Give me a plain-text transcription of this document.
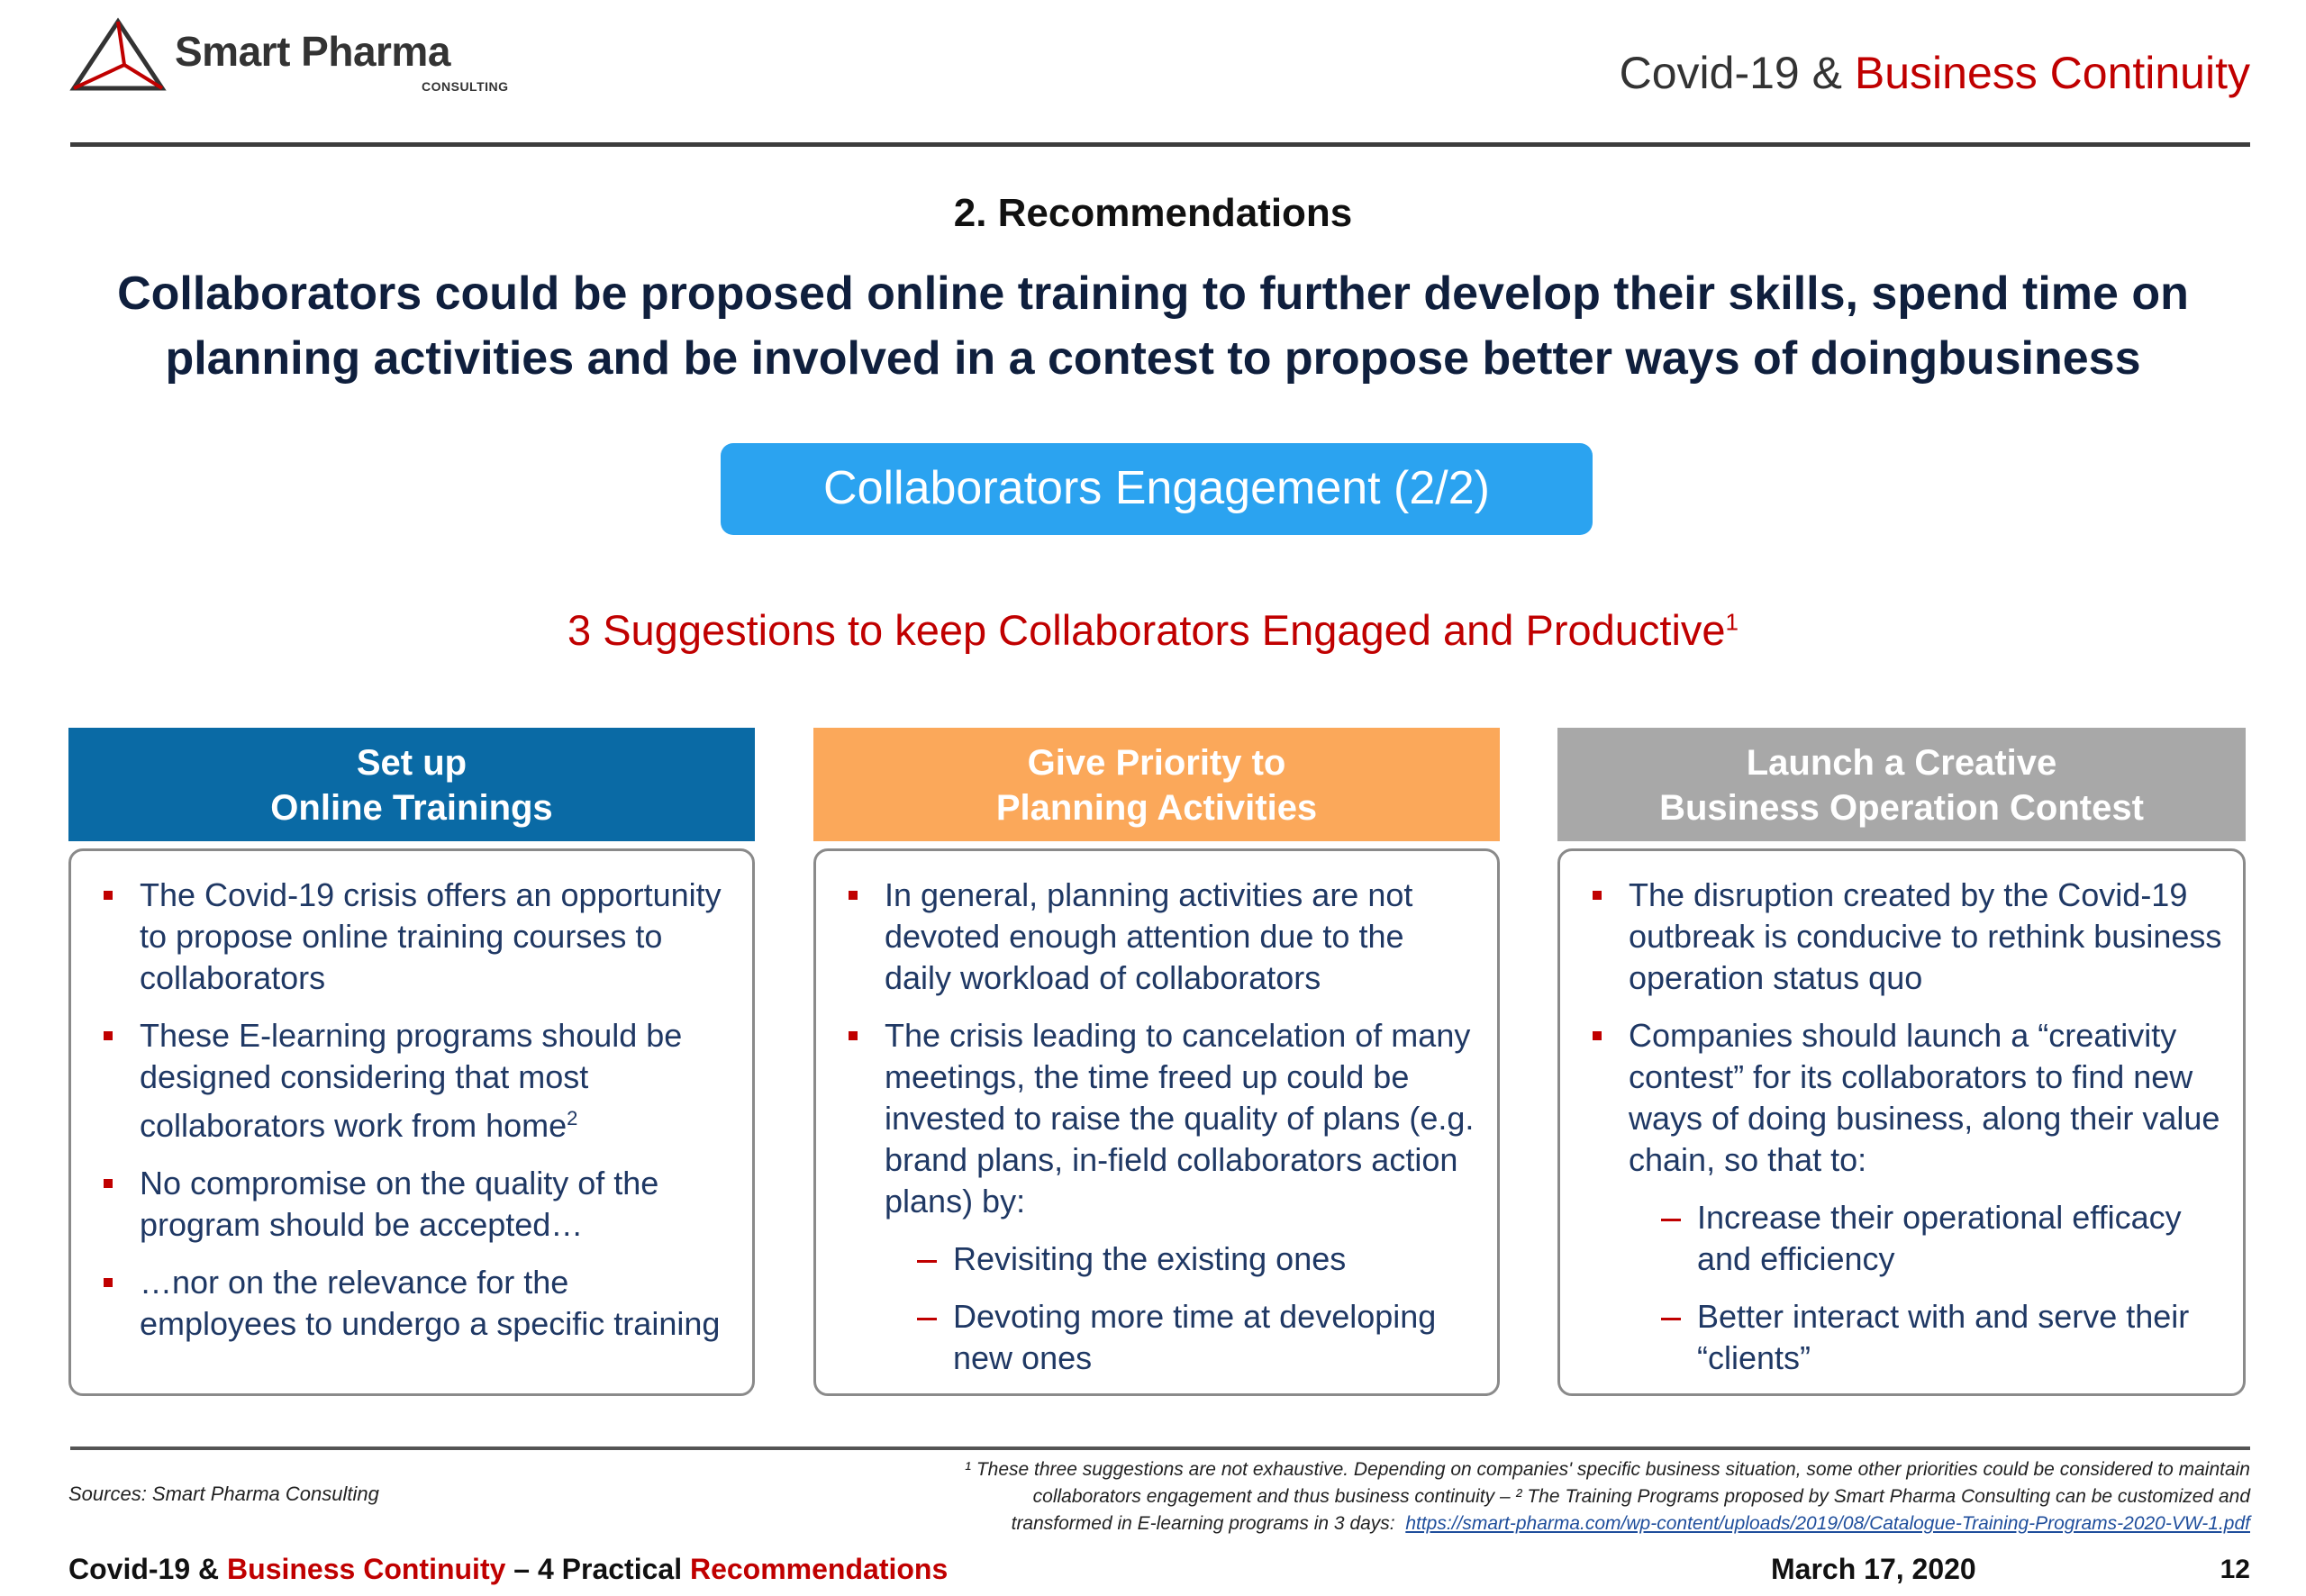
Smart Pharma
CONSULTING	Covid-19 & Business Continuity
2. Recommendations
Collaborators could be proposed online training to further develop their skills, spend time on
planning activities and be involved in a contest to propose better ways of doingbusiness
Collaborators Engagement (2/2)
3 Suggestions to keep Collaborators Engaged and Productive$^1$
Set up
Online Trainings
The Covid-19 crisis offers an opportunity to propose online training courses to collaborators
These E-learning programs should be designed considering that most collaborators work from home$^2$
No compromise on the quality of the program should be accepted…
…nor on the relevance for the employees to undergo a specific training
Give Priority to
Planning Activities
In general, planning activities are not devoted enough attention due to the daily workload of collaborators
The crisis leading to cancelation of many meetings, the time freed up could be invested to raise the quality of plans (e.g. brand plans, in-field collaborators action plans) by:
Revisiting the existing ones
Devoting more time at developing new ones
Launch a Creative
Business Operation Contest
The disruption created by the Covid-19 outbreak is conducive to rethink business operation status quo
Companies should launch a “creativity contest” for its collaborators to find new ways of doing business, along their value chain, so that to:
Increase their operational efficacy and efficiency
Better interact with and serve their “clients”
Sources: Smart Pharma Consulting
¹ These three suggestions are not exhaustive. Depending on companies' specific business situation, some other priorities could be considered to maintain
collaborators engagement and thus business continuity – ² The Training Programs proposed by Smart Pharma Consulting can be customized and
transformed in E-learning programs in 3 days: https://smart-pharma.com/wp-content/uploads/2019/08/Catalogue-Training-Programs-2020-VW-1.pdf
Covid-19 & Business Continuity – 4 Practical Recommendations	March 17, 2020	12
